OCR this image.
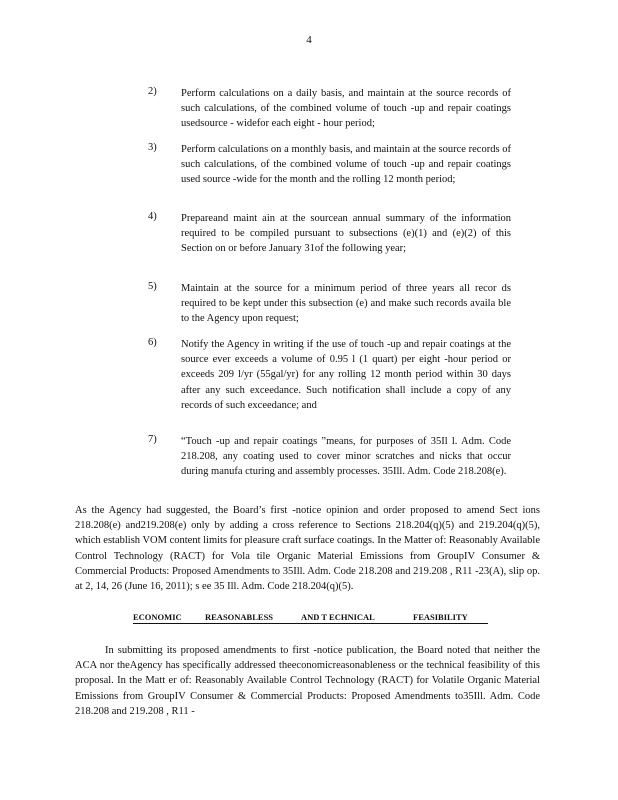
4
2) Perform calculations on a daily basis, and maintain at the source records of such calculations, of the combined volume of touch -up and repair coatings usedsource - widefor each eight - hour period;
3) Perform calculations on a monthly basis, and maintain at the source records of such calculations, of the combined volume of touch -up and repair coatings used source -wide for the month and the rolling 12 month period;
4) Prepareand maint ain at the sourcean annual summary of the information required to be compiled pursuant to subsections (e)(1) and (e)(2) of this Section on or before January 31of the following year;
5) Maintain at the source for a minimum period of three years all recor ds required to be kept under this subsection (e) and make such records availa ble to the Agency upon request;
6) Notify the Agency in writing if the use of touch -up and repair coatings at the source ever exceeds a volume of 0.95 l (1 quart) per eight -hour period or exceeds 209 l/yr (55gal/yr) for any rolling 12 month period within 30 days after any such exceedance. Such notification shall include a copy of any records of such exceedance; and
7) “Touch -up and repair coatings ”means, for purposes of 35Il l. Adm. Code 218.208, any coating used to cover minor scratches and nicks that occur during manufa cturing and assembly processes. 35Ill. Adm. Code 218.208(e).
As the Agency had suggested, the Board’s first -notice opinion and order proposed to amend Sect ions 218.208(e) and219.208(e) only by adding a cross reference to Sections 218.204(q)(5) and 219.204(q)(5), which establish VOM content limits for pleasure craft surface coatings. In the Matter of: Reasonably Available Control Technology (RACT) for Vola tile Organic Material Emissions from GroupIV Consumer & Commercial Products: Proposed Amendments to 35Ill. Adm. Code 218.208 and 219.208 , R11 -23(A), slip op. at 2, 14, 26 (June 16, 2011); s ee 35 Ill. Adm. Code 218.204(q)(5).
ECONOMIC	REASONABLESS	AND T ECHNICAL	FEASIBILITY
In submitting its proposed amendments to first -notice publication, the Board noted that neither the ACA nor theAgency has specifically addressed theeconomicreasonableness or the technical feasibility of this proposal. In the Matt er of: Reasonably Available Control Technology (RACT) for Volatile Organic Material Emissions from GroupIV Consumer & Commercial Products: Proposed Amendments to35Ill. Adm. Code 218.208 and 219.208 , R11 -
